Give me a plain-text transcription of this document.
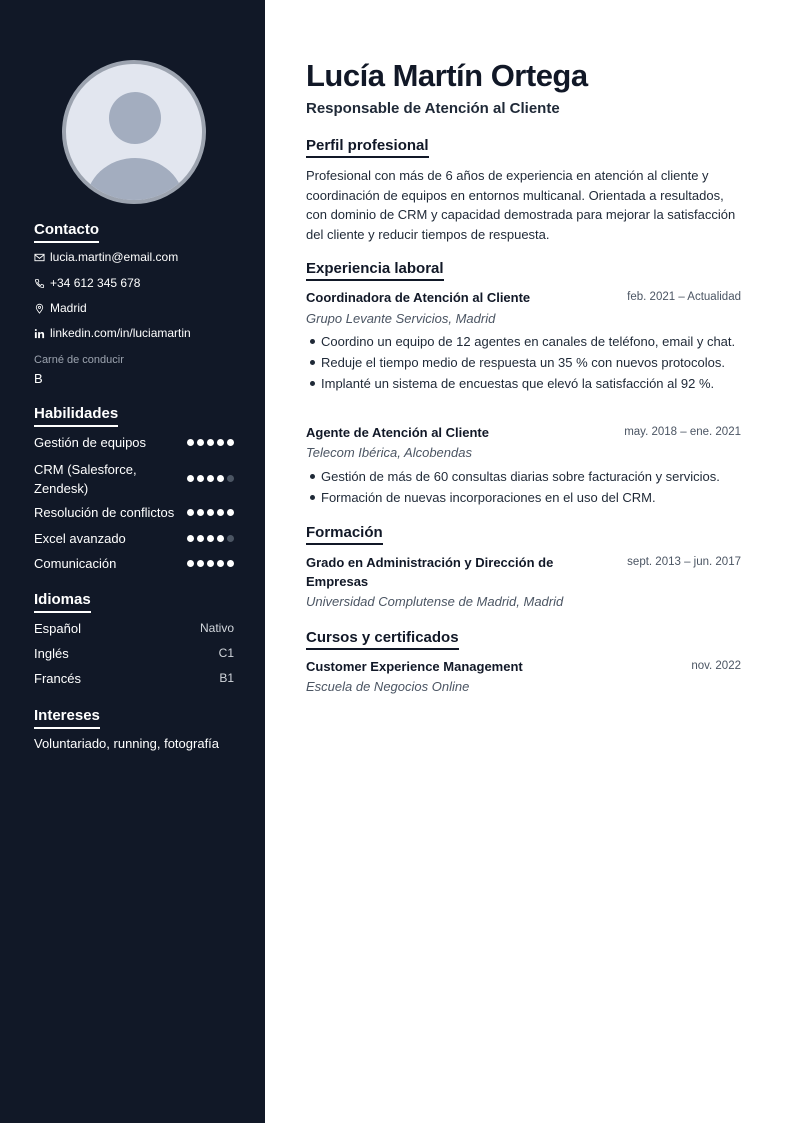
Contacto
lucia.martin@email.com
+34 612 345 678
Madrid
linkedin.com/in/luciamartin
Carné de conducir
B
Habilidades
Gestión de equipos
CRM (Salesforce, Zendesk)
Resolución de conflictos
Excel avanzado
Comunicación
Idiomas
Español	Nativo
Inglés	C1
Francés	B1
Intereses
Voluntariado, running, fotografía
Lucía Martín Ortega
Responsable de Atención al Cliente
Perfil profesional

Profesional con más de 6 años de experiencia en atención al cliente y coordinación de equipos en entornos multicanal. Orientada a resultados, con dominio de CRM y capacidad demostrada para mejorar la satisfacción del cliente y reducir tiempos de respuesta.

Experiencia laboral
Coordinadora de Atención al Cliente	feb. 2021 – Actualidad
Grupo Levante Servicios, Madrid
Coordino un equipo de 12 agentes en canales de teléfono, email y chat.
Reduje el tiempo medio de respuesta un 35 % con nuevos protocolos.
Implanté un sistema de encuestas que elevó la satisfacción al 92 %.
Agente de Atención al Cliente	may. 2018 – ene. 2021
Telecom Ibérica, Alcobendas
Gestión de más de 60 consultas diarias sobre facturación y servicios.
Formación de nuevas incorporaciones en el uso del CRM.
Formación
Grado en Administración y Dirección de Empresas
sept. 2013 – jun. 2017
Universidad Complutense de Madrid, Madrid
Cursos y certificados
Customer Experience Management	nov. 2022
Escuela de Negocios Online
